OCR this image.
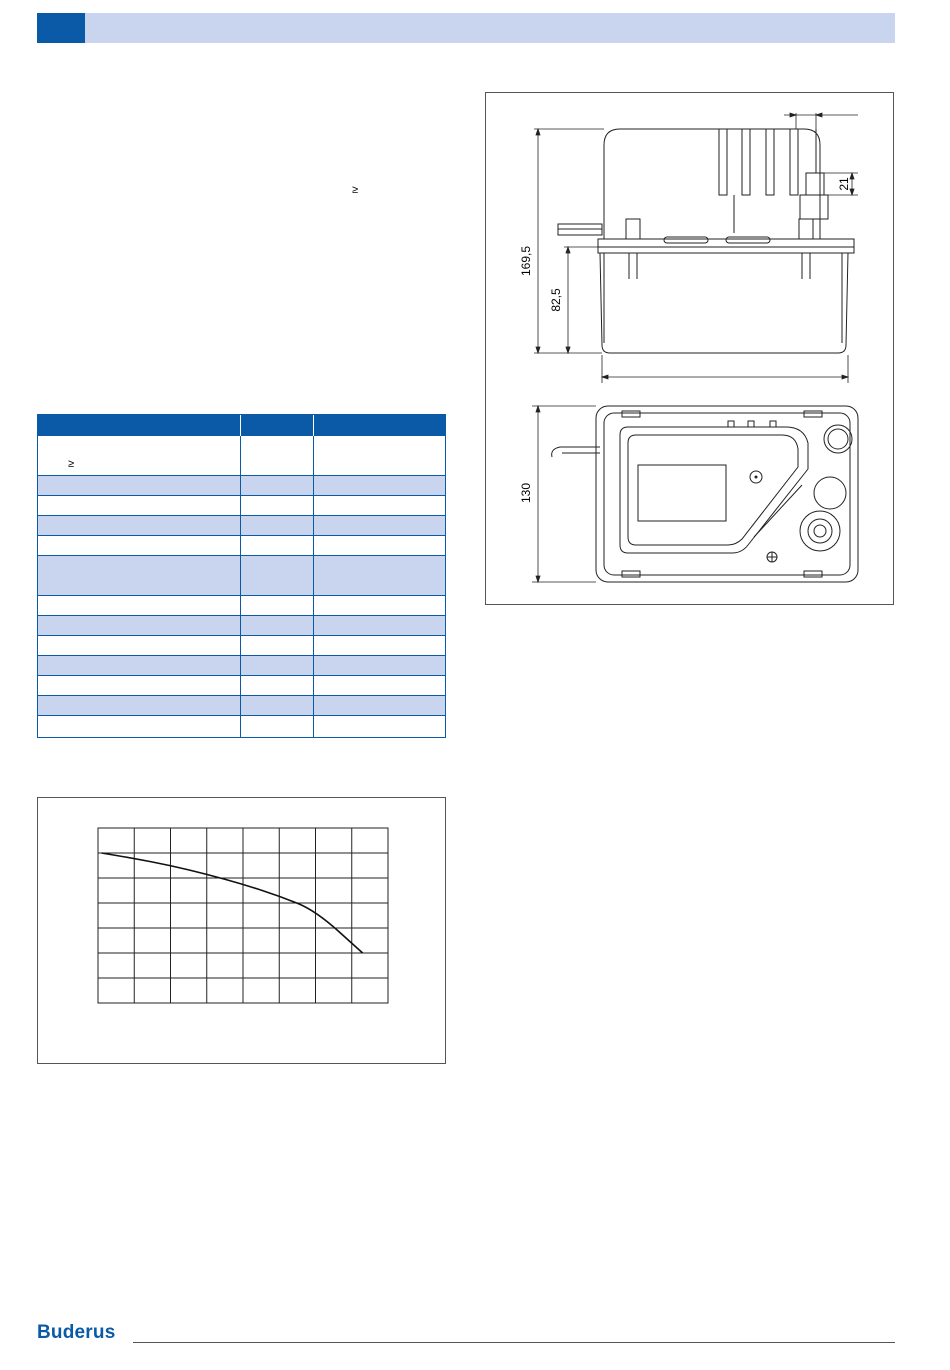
≥
≥
169,5
82,5
21
130
Buderus
